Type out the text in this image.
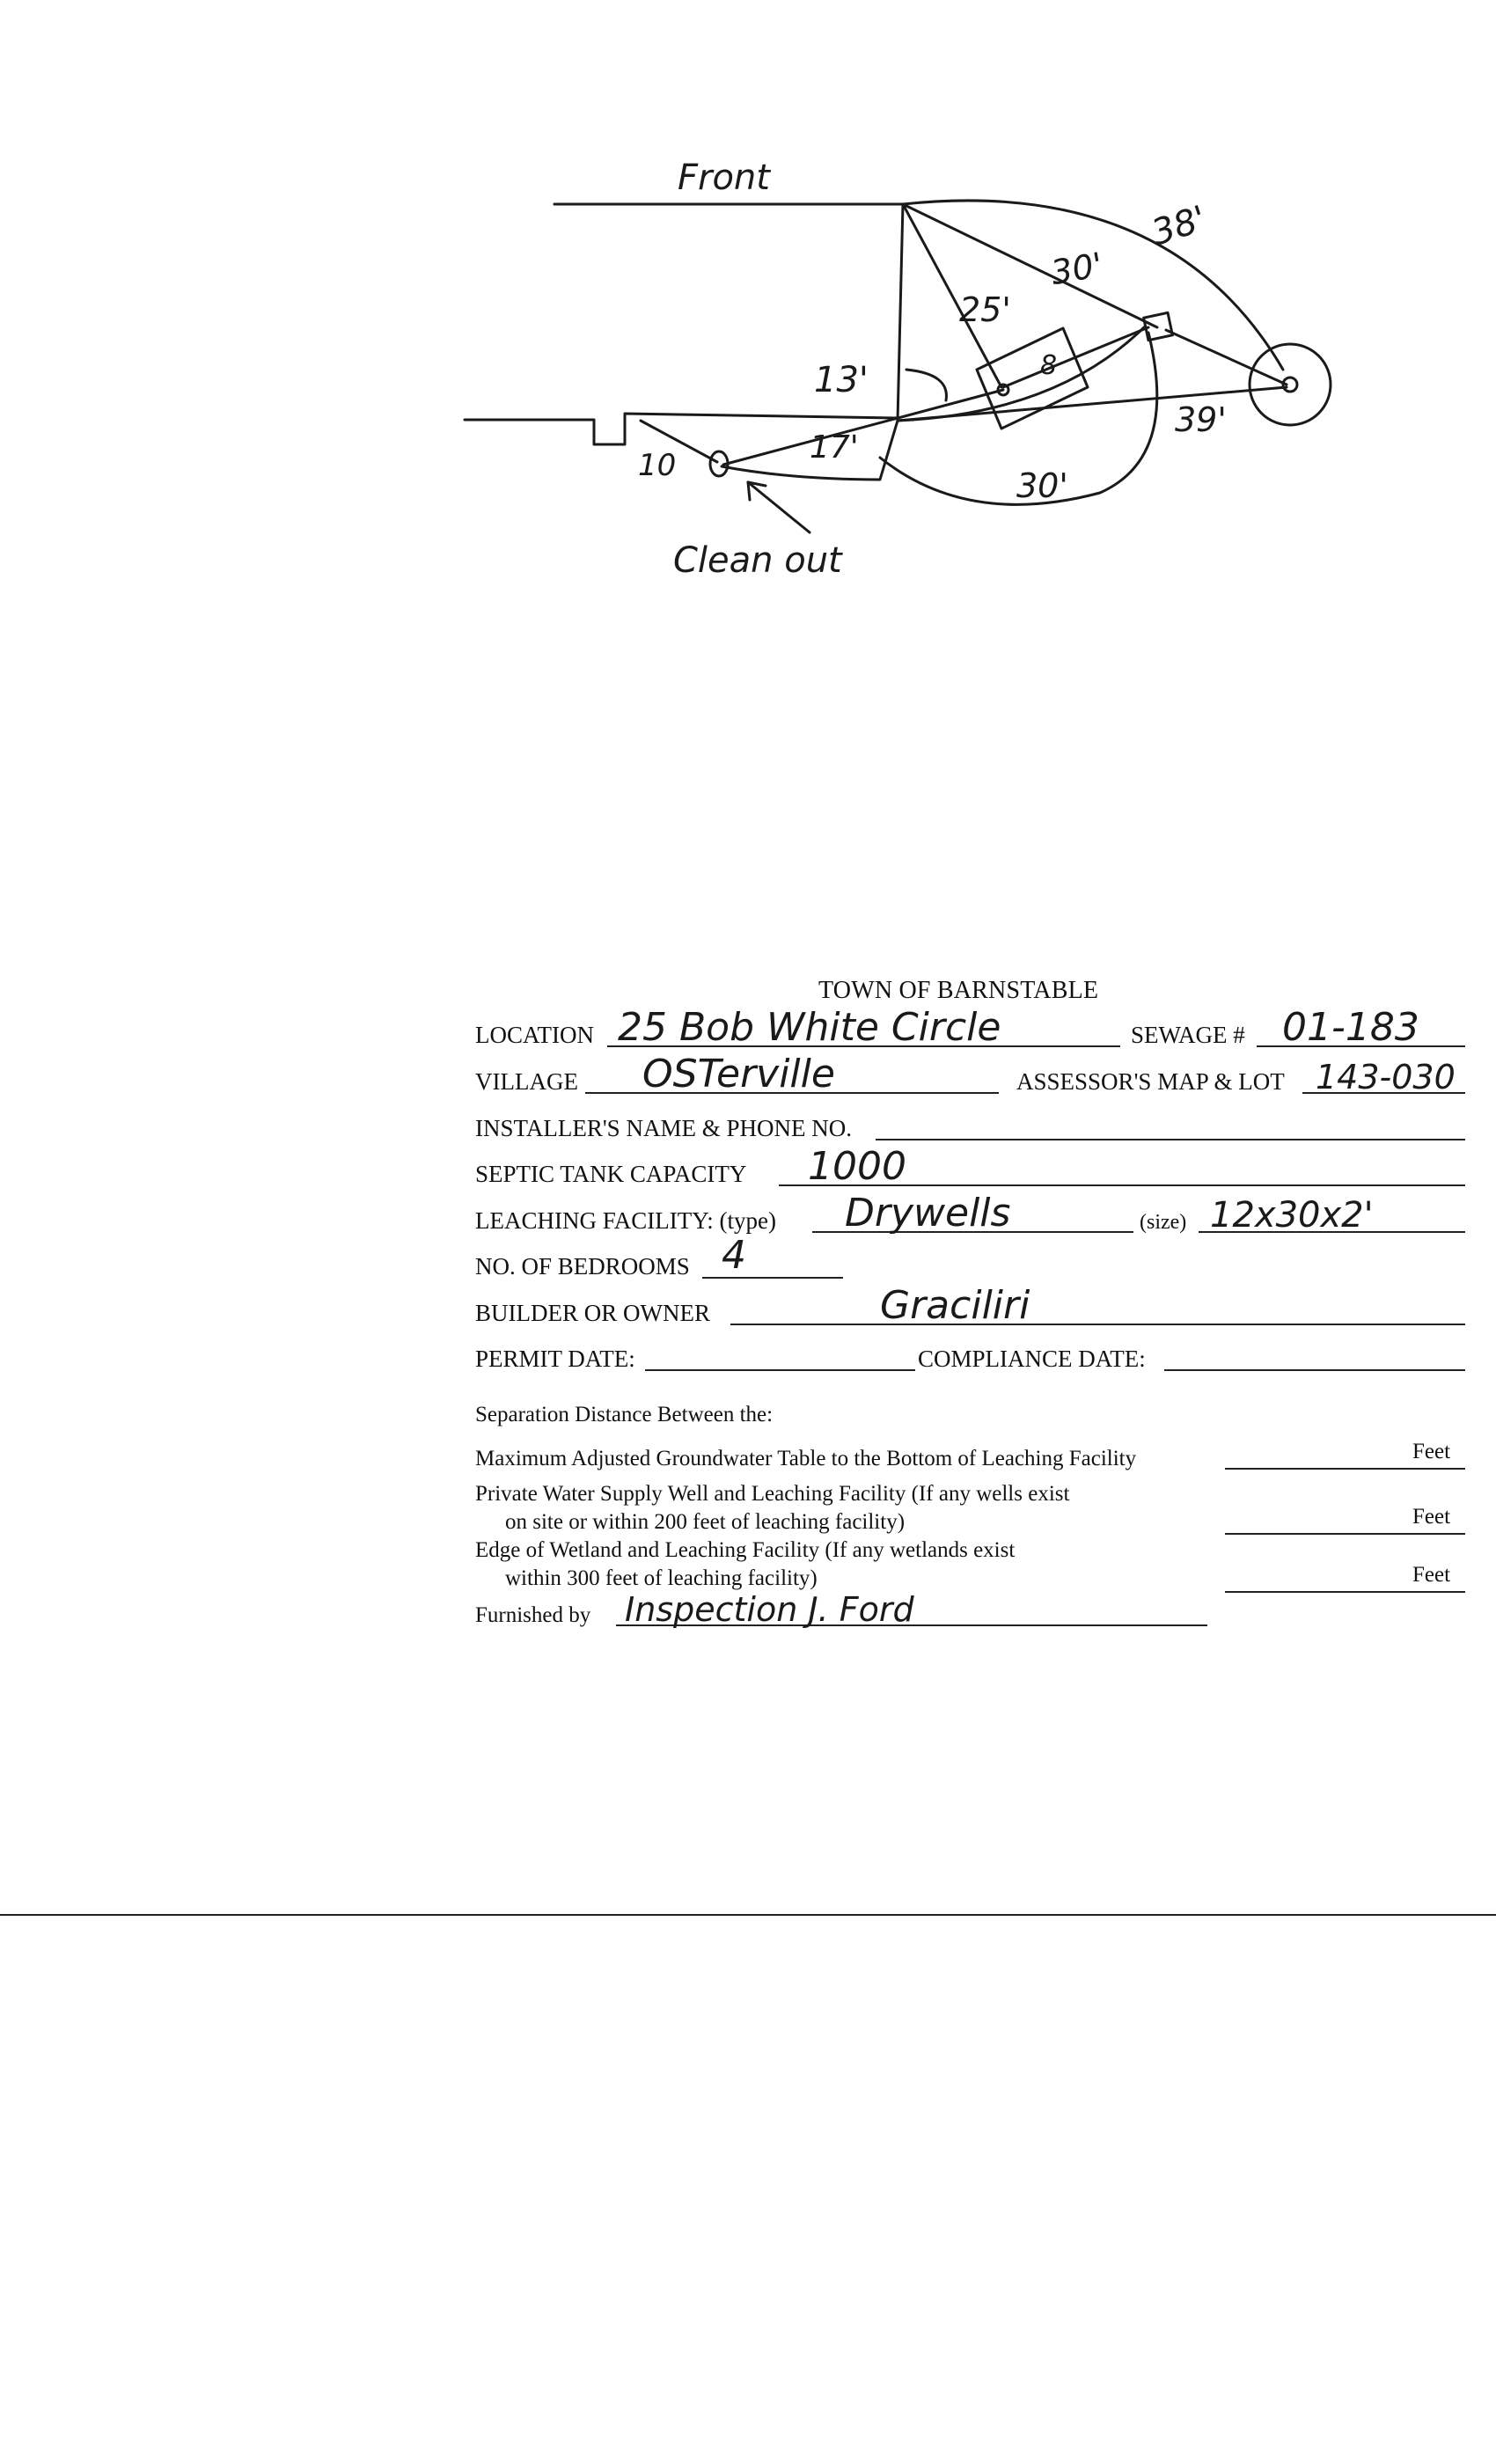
Front
38'
30'
25'
13'	8
39'
17'
10
30'
Clean out
TOWN OF BARNSTABLE
LOCATION 25 Bob White Circle	SEWAGE # 01-183
VILLAGE OSTerville	ASSESSOR'S MAP & LOT 143-030
INSTALLER'S NAME & PHONE NO.
SEPTIC TANK CAPACITY 1000
LEACHING FACILITY: (type) Drywells	(size) 12x30x2'
NO. OF BEDROOMS 4
BUILDER OR OWNER	Graciliri
PERMIT DATE:	COMPLIANCE DATE:
Separation Distance Between the:
Maximum Adjusted Groundwater Table to the Bottom of Leaching Facility	Feet
Private Water Supply Well and Leaching Facility (If any wells exist
on site or within 200 feet of leaching facility)	Feet
Edge of Wetland and Leaching Facility (If any wetlands exist
within 300 feet of leaching facility)	Feet
Furnished by Inspection J. Ford
